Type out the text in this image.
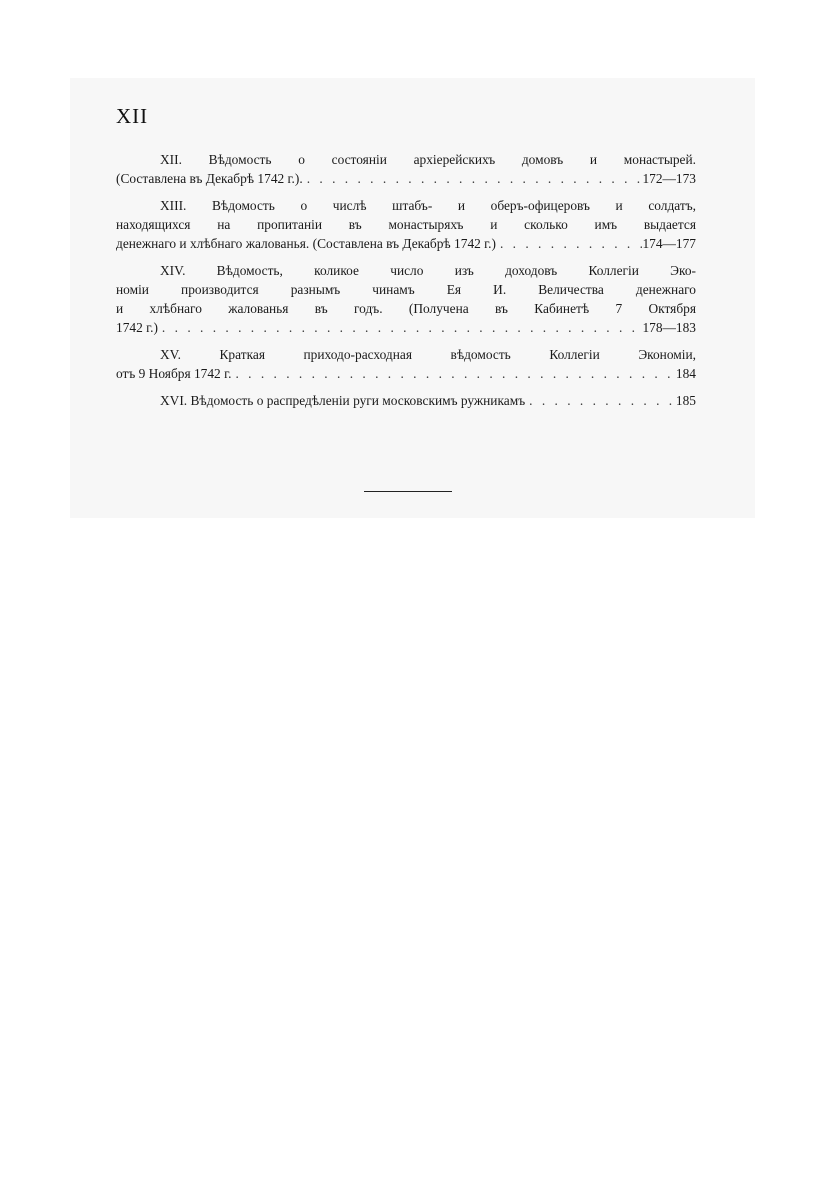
XII
XII. Вѣдомость о состояніи архіерейскихъ домовъ и монастырей.
(Составлена въ Декабрѣ 1742 г.). . . .	172—173
XIII. Вѣдомость о числѣ штабъ- и оберъ-офицеровъ и солдатъ,
находящихся на пропитаніи въ монастыряхъ и сколько имъ выдается
денежнаго и хлѣбнаго жалованья. (Составлена въ Декабрѣ 1742 г.) . . .	174—177
XIV. Вѣдомость, коликое число изъ доходовъ Коллегіи Эко-
номіи производится разнымъ чинамъ Ея И. Величества денежнаго
и хлѣбнаго жалованья въ годъ. (Получена въ Кабинетѣ 7 Октября
1742 г.) . . .	178—183
XV. Краткая приходо-расходная вѣдомость Коллегіи Экономіи,
отъ 9 Ноября 1742 г. . . .	184
XVI. Вѣдомость о распредѣленіи руги московскимъ ружникамъ . . .	185
